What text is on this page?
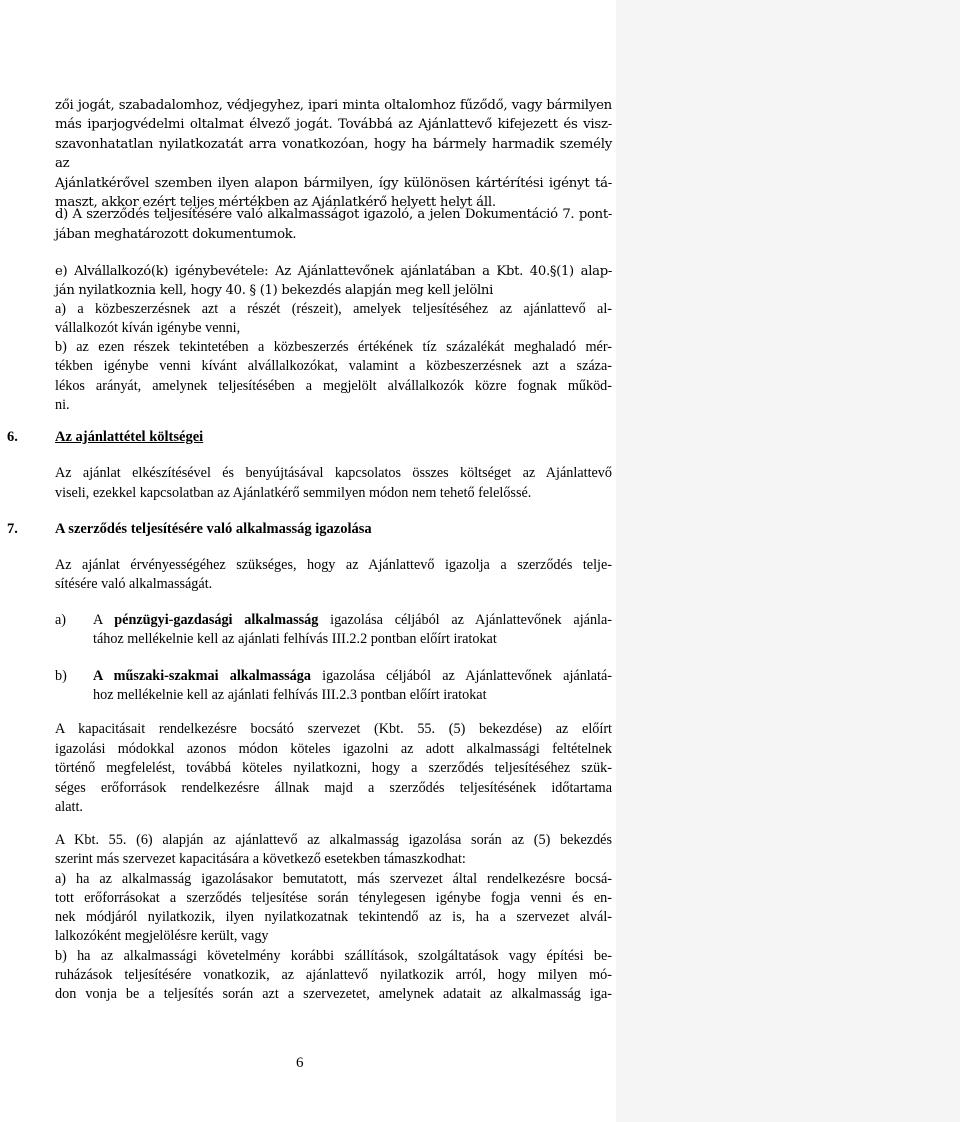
zői jogát, szabadalomhoz, védjegyhez, ipari minta oltalomhoz fűződő, vagy bármilyen
más iparjogvédelmi oltalmat élvező jogát. Továbbá az Ajánlattevő kifejezett és visz-
szavonhatatlan nyilatkozatát arra vonatkozóan, hogy ha bármely harmadik személy az
Ajánlatkérővel szemben ilyen alapon bármilyen, így különösen kártérítési igényt tá-
maszt, akkor ezért teljes mértékben az Ajánlatkérő helyett helyt áll.
d) A szerződés teljesítésére való alkalmasságot igazoló, a jelen Dokumentáció 7. pont-
jában meghatározott dokumentumok.
e) Alvállalkozó(k) igénybevétele: Az Ajánlattevőnek ajánlatában a Kbt. 40.§(1) alap-
ján nyilatkoznia kell, hogy 40. § (1) bekezdés alapján meg kell jelölni
a) a közbeszerzésnek azt a részét (részeit), amelyek teljesítéséhez az ajánlattevő al-
vállalkozót kíván igénybe venni,
b) az ezen részek tekintetében a közbeszerzés értékének tíz százalékát meghaladó mér-
tékben igénybe venni kívánt alvállalkozókat, valamint a közbeszerzésnek azt a száza-
lékos arányát, amelynek teljesítésében a megjelölt alvállalkozók közre fognak működ-
ni.
6.	Az ajánlattétel költségei
Az ajánlat elkészítésével és benyújtásával kapcsolatos összes költséget az Ajánlattevő
viseli, ezekkel kapcsolatban az Ajánlatkérő semmilyen módon nem tehető felelőssé.
7.	A szerződés teljesítésére való alkalmasság igazolása
Az ajánlat érvényességéhez szükséges, hogy az Ajánlattevő igazolja a szerződés telje-
sítésére való alkalmasságát.
a) A pénzügyi-gazdasági alkalmasság igazolása céljából az Ajánlattevőnek ajánla-
tához mellékelnie kell az ajánlati felhívás III.2.2 pontban előírt iratokat
b) A műszaki-szakmai alkalmassága igazolása céljából az Ajánlattevőnek ajánlatá-
hoz mellékelnie kell az ajánlati felhívás III.2.3 pontban előírt iratokat
A kapacitásait rendelkezésre bocsátó szervezet (Kbt. 55. (5) bekezdése) az előírt
igazolási módokkal azonos módon köteles igazolni az adott alkalmassági feltételnek
történő megfelelést, továbbá köteles nyilatkozni, hogy a szerződés teljesítéséhez szük-
séges erőforrások rendelkezésre állnak majd a szerződés teljesítésének időtartama
alatt.
A Kbt. 55. (6) alapján az ajánlattevő az alkalmasság igazolása során az (5) bekezdés
szerint más szervezet kapacitására a következő esetekben támaszkodhat:
a) ha az alkalmasság igazolásakor bemutatott, más szervezet által rendelkezésre bocsá-
tott erőforrásokat a szerződés teljesítése során ténylegesen igénybe fogja venni és en-
nek módjáról nyilatkozik, ilyen nyilatkozatnak tekintendő az is, ha a szervezet alvál-
lalkozóként megjelölésre került, vagy
b) ha az alkalmassági követelmény korábbi szállítások, szolgáltatások vagy építési be-
ruházások teljesítésére vonatkozik, az ajánlattevő nyilatkozik arról, hogy milyen mó-
don vonja be a teljesítés során azt a szervezetet, amelynek adatait az alkalmasság iga-
6
